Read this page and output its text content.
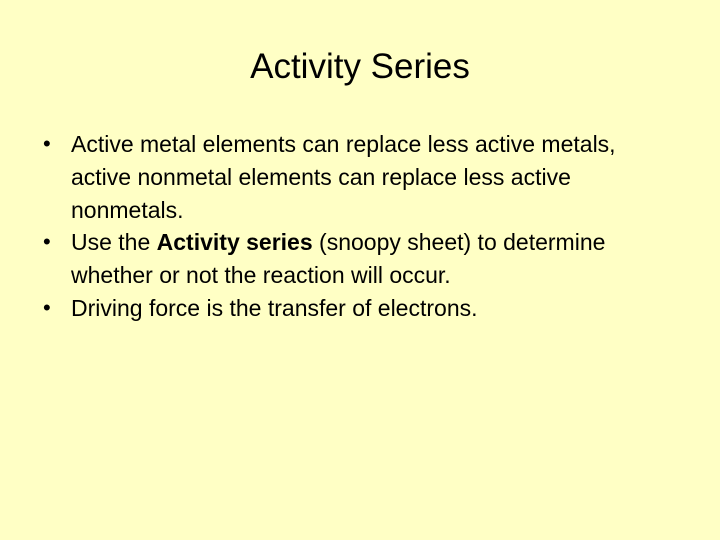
Activity Series
• Active metal elements can replace less active metals, active nonmetal elements can replace less active nonmetals.
• Use the Activity series (snoopy sheet) to determine whether or not the reaction will occur.
• Driving force is the transfer of electrons.
